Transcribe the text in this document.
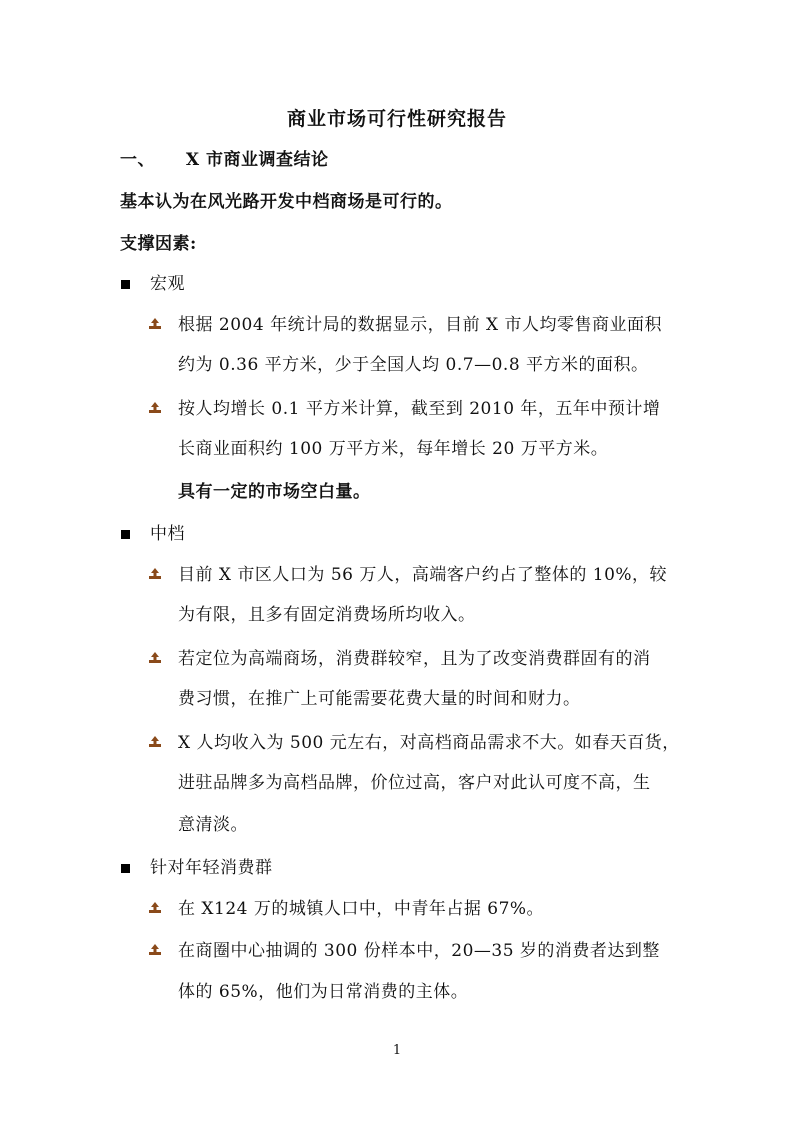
商业市场可行性研究报告
一、 X 市商业调查结论
基本认为在风光路开发中档商场是可行的。
支撑因素:
宏观
根据 2004 年统计局的数据显示，目前 X 市人均零售商业面积
约为 0.36 平方米，少于全国人均 0.7—0.8 平方米的面积。
按人均增长 0.1 平方米计算，截至到 2010 年，五年中预计增
长商业面积约 100 万平方米，每年增长 20 万平方米。
具有一定的市场空白量。
中档
目前 X 市区人口为 56 万人，高端客户约占了整体的 10%，较
为有限，且多有固定消费场所均收入。
若定位为高端商场，消费群较窄，且为了改变消费群固有的消
费习惯，在推广上可能需要花费大量的时间和财力。
X 人均收入为 500 元左右，对高档商品需求不大。如春天百货，
进驻品牌多为高档品牌，价位过高，客户对此认可度不高，生
意清淡。
针对年轻消费群
在 X124 万的城镇人口中，中青年占据 67%。
在商圈中心抽调的 300 份样本中，20—35 岁的消费者达到整
体的 65%，他们为日常消费的主体。
1
